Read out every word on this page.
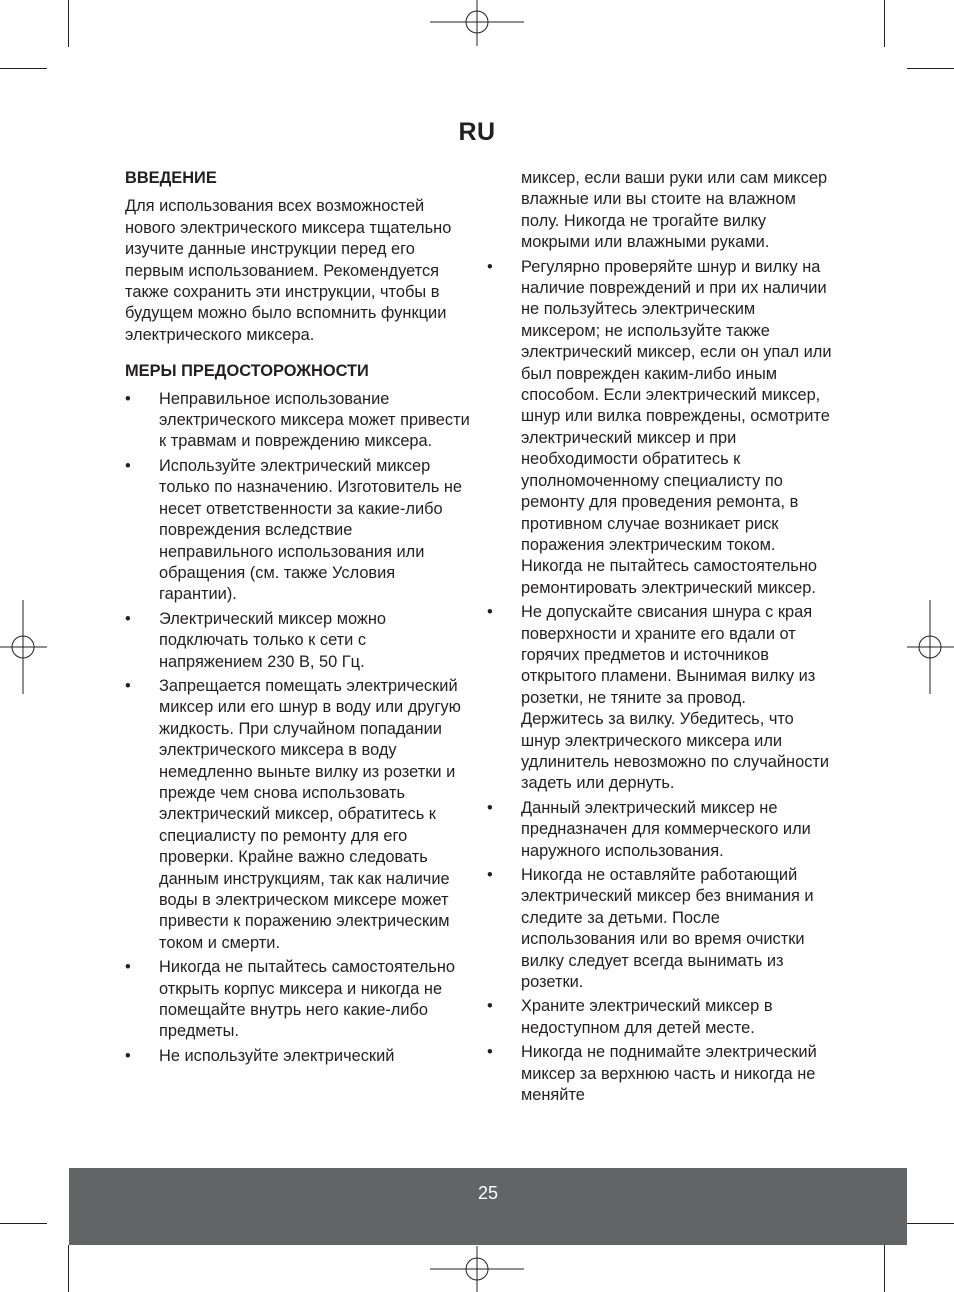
RU

ВВЕДЕНИЕ

Для использования всех возможностей нового электрического миксера тщательно изучите данные инструкции перед его первым использованием. Рекомендуется также сохранить эти инструкции, чтобы в будущем можно было вспомнить функции электрического миксера.

МЕРЫ ПРЕДОСТОРОЖНОСТИ

• Неправильное использование электрического миксера может привести к травмам и повреждению миксера.
• Используйте электрический миксер только по назначению. Изготовитель не несет ответственности за какие-либо повреждения вследствие неправильного использования или обращения (см. также Условия гарантии).
• Электрический миксер можно подключать только к сети с напряжением 230 В, 50 Гц.
• Запрещается помещать электрический миксер или его шнур в воду или другую жидкость. При случайном попадании электрического миксера в воду немедленно выньте вилку из розетки и прежде чем снова использовать электрический миксер, обратитесь к специалисту по ремонту для его проверки. Крайне важно следовать данным инструкциям, так как наличие воды в электрическом миксере может привести к поражению электрическим током и смерти.
• Никогда не пытайтесь самостоятельно открыть корпус миксера и никогда не помещайте внутрь него какие-либо предметы.
• Не используйте электрический
миксер, если ваши руки или сам миксер влажные или вы стоите на влажном полу. Никогда не трогайте вилку мокрыми или влажными руками.
• Регулярно проверяйте шнур и вилку на наличие повреждений и при их наличии не пользуйтесь электрическим миксером; не используйте также электрический миксер, если он упал или был поврежден каким-либо иным способом. Если электрический миксер, шнур или вилка повреждены, осмотрите электрический миксер и при необходимости обратитесь к уполномоченному специалисту по ремонту для проведения ремонта, в противном случае возникает риск поражения электрическим током. Никогда не пытайтесь самостоятельно ремонтировать электрический миксер.
• Не допускайте свисания шнура с края поверхности и храните его вдали от горячих предметов и источников открытого пламени. Вынимая вилку из розетки, не тяните за провод. Держитесь за вилку. Убедитесь, что шнур электрического миксера или удлинитель невозможно по случайности задеть или дернуть.
• Данный электрический миксер не предназначен для коммерческого или наружного использования.
• Никогда не оставляйте работающий электрический миксер без внимания и следите за детьми. После использования или во время очистки вилку следует всегда вынимать из розетки.
• Храните электрический миксер в недоступном для детей месте.
• Никогда не поднимайте электрический миксер за верхнюю часть и никогда не меняйте
25
